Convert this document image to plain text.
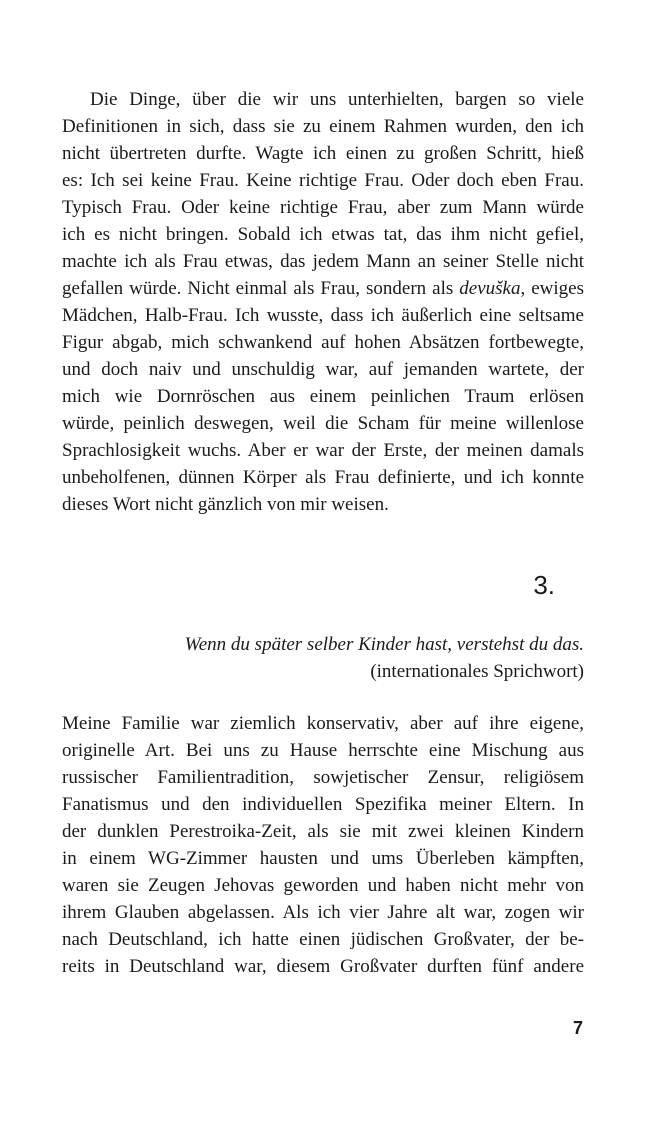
Die Dinge, über die wir uns unterhielten, bargen so viele
Definitionen in sich, dass sie zu einem Rahmen wurden, den ich
nicht übertreten durfte. Wagte ich einen zu großen Schritt, hieß
es: Ich sei keine Frau. Keine richtige Frau. Oder doch eben Frau.
Typisch Frau. Oder keine richtige Frau, aber zum Mann würde
ich es nicht bringen. Sobald ich etwas tat, das ihm nicht gefiel,
machte ich als Frau etwas, das jedem Mann an seiner Stelle nicht
gefallen würde. Nicht einmal als Frau, sondern als devuška, ewiges
Mädchen, Halb-Frau. Ich wusste, dass ich äußerlich eine seltsame
Figur abgab, mich schwankend auf hohen Absätzen fortbewegte,
und doch naiv und unschuldig war, auf jemanden wartete, der
mich wie Dornröschen aus einem peinlichen Traum erlösen
würde, peinlich deswegen, weil die Scham für meine willenlose
Sprachlosigkeit wuchs. Aber er war der Erste, der meinen damals
unbeholfenen, dünnen Körper als Frau definierte, und ich konnte
dieses Wort nicht gänzlich von mir weisen.

3.
Wenn du später selber Kinder hast, verstehst du das.
(internationales Sprichwort)

Meine Familie war ziemlich konservativ, aber auf ihre eigene,
originelle Art. Bei uns zu Hause herrschte eine Mischung aus
russischer Familientradition, sowjetischer Zensur, religiösem
Fanatismus und den individuellen Spezifika meiner Eltern. In
der dunklen Perestroika-Zeit, als sie mit zwei kleinen Kindern
in einem WG-Zimmer hausten und ums Überleben kämpften,
waren sie Zeugen Jehovas geworden und haben nicht mehr von
ihrem Glauben abgelassen. Als ich vier Jahre alt war, zogen wir
nach Deutschland, ich hatte einen jüdischen Großvater, der be-
reits in Deutschland war, diesem Großvater durften fünf andere

7
